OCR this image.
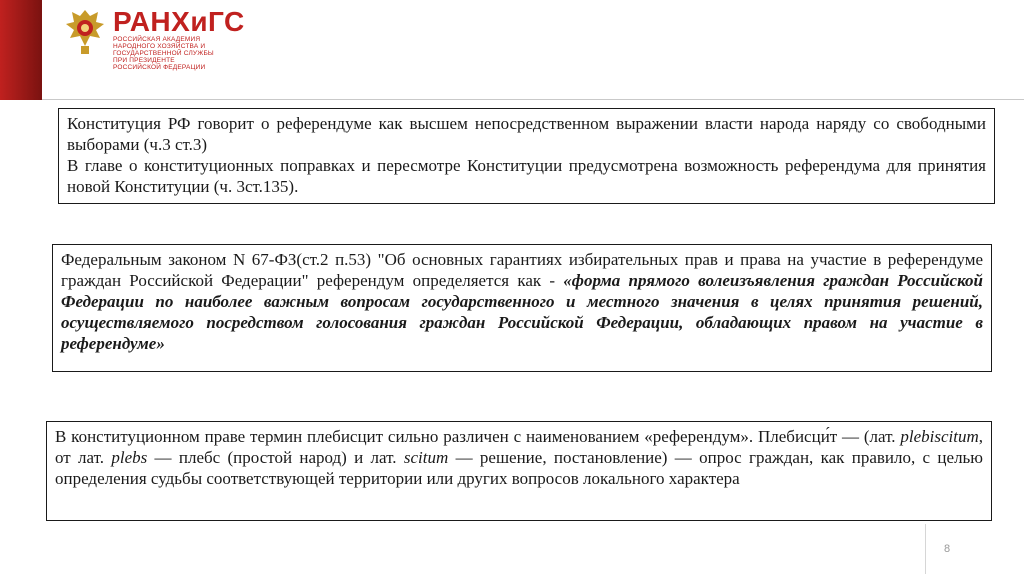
РАНХиГС
РОССИЙСКАЯ АКАДЕМИЯ НАРОДНОГО ХОЗЯЙСТВА И ГОСУДАРСТВЕННОЙ СЛУЖБЫ ПРИ ПРЕЗИДЕНТЕ РОССИЙСКОЙ ФЕДЕРАЦИИ

Конституция РФ говорит о референдуме как высшем непосредственном выражении власти народа наряду со свободными выборами (ч.3 ст.3)

В главе о конституционных поправках и пересмотре Конституции предусмотрена возможность референдума для принятия новой Конституции (ч. 3ст.135).

Федеральным законом N 67-ФЗ(ст.2 п.53) "Об основных гарантиях избирательных прав и права на участие в референдуме граждан Российской Федерации" референдум определяется как - «форма прямого волеизъявления граждан Российской Федерации по наиболее важным вопросам государственного и местного значения в целях принятия решений, осуществляемого посредством голосования граждан Российской Федерации, обладающих правом на участие в референдуме»

В конституционном праве термин плебисцит сильно различен с наименованием «референдум». Плебисци́т — (лат. plebiscitum, от лат. plebs — плебс (простой народ) и лат. scitum — решение, постановление) — опрос граждан, как правило, с целью определения судьбы соответствующей территории или других вопросов локального характера

8
